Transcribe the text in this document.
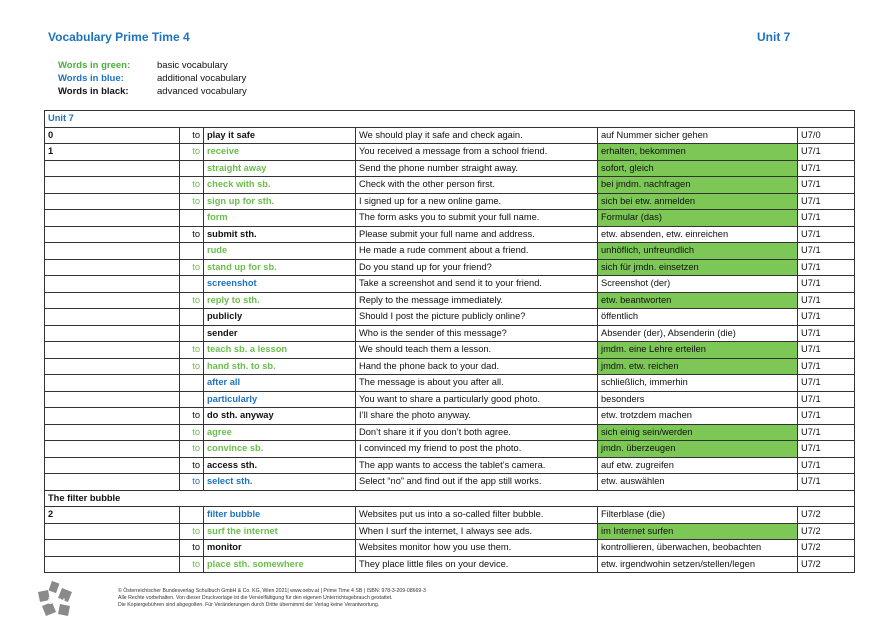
Vocabulary Prime Time 4	Unit 7
Words in green:	basic vocabulary
Words in blue:	additional vocabulary
Words in black:	advanced vocabulary
Unit 7					
0	to	play it safe	We should play it safe and check again.	auf Nummer sicher gehen	U7/0
1	to	receive	You received a message from a school friend.	erhalten, bekommen	U7/1
		straight away	Send the phone number straight away.	sofort, gleich	U7/1
	to	check with sb.	Check with the other person first.	bei jmdm. nachfragen	U7/1
	to	sign up for sth.	I signed up for a new online game.	sich bei etw. anmelden	U7/1
		form	The form asks you to submit your full name.	Formular (das)	U7/1
	to	submit sth.	Please submit your full name and address.	etw. absenden, etw. einreichen	U7/1
		rude	He made a rude comment about a friend.	unhöflich, unfreundlich	U7/1
	to	stand up for sb.	Do you stand up for your friend?	sich für jmdn. einsetzen	U7/1
		screenshot	Take a screenshot and send it to your friend.	Screenshot (der)	U7/1
	to	reply to sth.	Reply to the message immediately.	etw. beantworten	U7/1
		publicly	Should I post the picture publicly online?	öffentlich	U7/1
		sender	Who is the sender of this message?	Absender (der), Absenderin (die)	U7/1
	to	teach sb. a lesson	We should teach them a lesson.	jmdm. eine Lehre erteilen	U7/1
	to	hand sth. to sb.	Hand the phone back to your dad.	jmdm. etw. reichen	U7/1
		after all	The message is about you after all.	schließlich, immerhin	U7/1
		particularly	You want to share a particularly good photo.	besonders	U7/1
	to	do sth. anyway	I’ll share the photo anyway.	etw. trotzdem machen	U7/1
	to	agree	Don’t share it if you don’t both agree.	sich einig sein/werden	U7/1
	to	convince sb.	I convinced my friend to post the photo.	jmdn. überzeugen	U7/1
	to	access sth.	The app wants to access the tablet’s camera.	auf etw. zugreifen	U7/1
	to	select sth.	Select “no” and find out if the app still works.	etw. auswählen	U7/1
The filter bubble					
2		filter bubble	Websites put us into a so-called filter bubble.	Filterblase (die)	U7/2
	to	surf the internet	When I surf the internet, I always see ads.	im Internet surfen	U7/2
	to	monitor	Websites monitor how you use them.	kontrollieren, überwachen, beobachten	U7/2
	to	place sth. somewhere	They place little files on your device.	etw. irgendwohin setzen/stellen/legen	U7/2
öbv
© Österreichischer Bundesverlag Schulbuch GmbH & Co. KG, Wien 2021| www.oebv.at | Prime Time 4 SB | ISBN: 978-3-209-08669-3
Alle Rechte vorbehalten. Von dieser Druckvorlage ist die Vervielfältigung für den eigenen Unterrichtsgebrauch gestattet.
Die Kopiergebühren sind abgegolten. Für Veränderungen durch Dritte übernimmt der Verlag keine Verantwortung.
